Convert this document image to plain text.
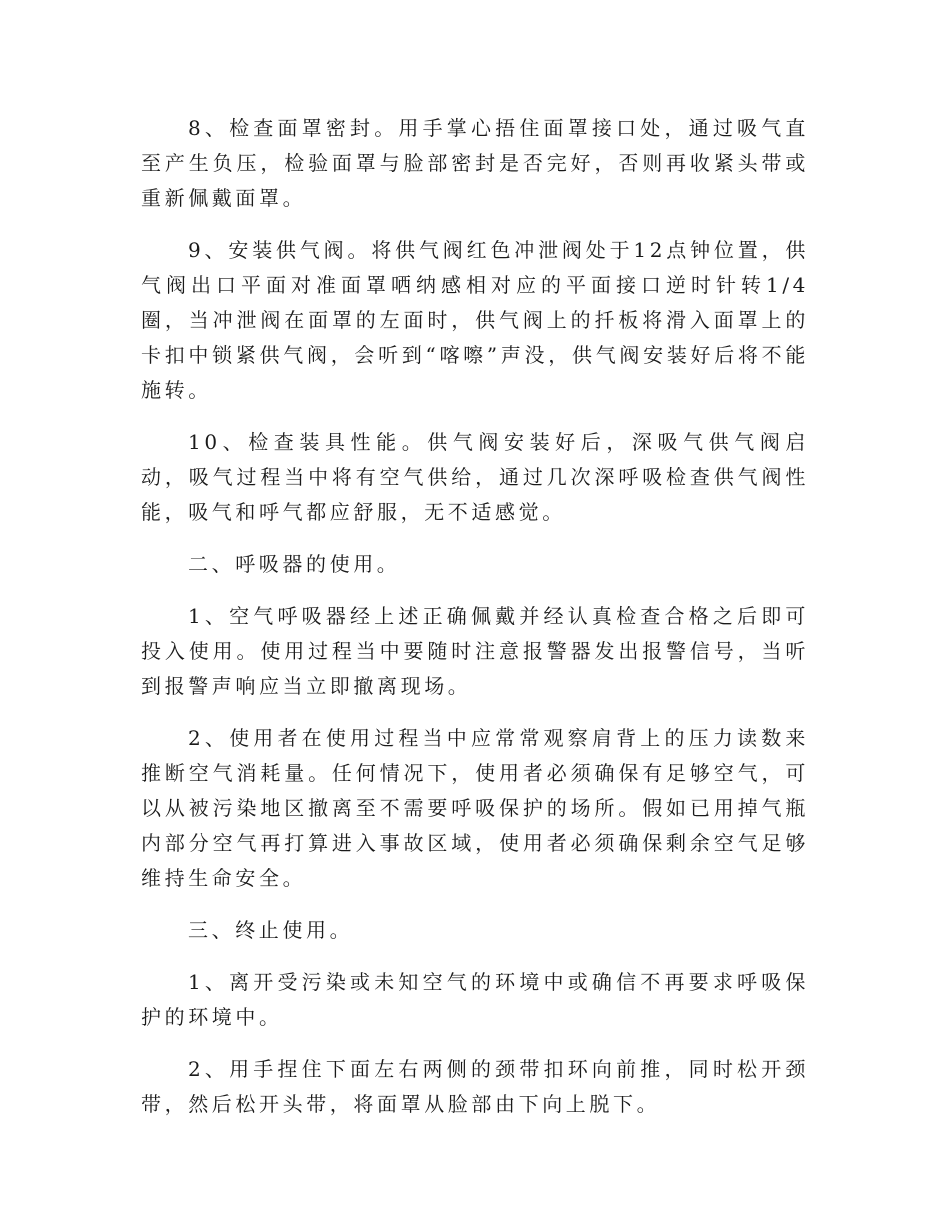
8、检查面罩密封。用手掌心捂住面罩接口处，通过吸气直至产生负压，检验面罩与脸部密封是否完好，否则再收紧头带或重新佩戴面罩。

9、安装供气阀。将供气阀红色冲泄阀处于12点钟位置，供气阀出口平面对准面罩哂纳感相对应的平面接口逆时针转1/4圈，当冲泄阀在面罩的左面时，供气阀上的扦板将滑入面罩上的卡扣中锁紧供气阀，会听到“喀嚓”声没，供气阀安装好后将不能施转。

10、检查装具性能。供气阀安装好后，深吸气供气阀启动，吸气过程当中将有空气供给，通过几次深呼吸检查供气阀性能，吸气和呼气都应舒服，无不适感觉。

二、呼吸器的使用。

1、空气呼吸器经上述正确佩戴并经认真检查合格之后即可投入使用。使用过程当中要随时注意报警器发出报警信号，当听到报警声响应当立即撤离现场。

2、使用者在使用过程当中应常常观察肩背上的压力读数来推断空气消耗量。任何情况下，使用者必须确保有足够空气，可以从被污染地区撤离至不需要呼吸保护的场所。假如已用掉气瓶内部分空气再打算进入事故区域，使用者必须确保剩余空气足够维持生命安全。

三、终止使用。

1、离开受污染或未知空气的环境中或确信不再要求呼吸保护的环境中。

2、用手捏住下面左右两侧的颈带扣环向前推，同时松开颈带，然后松开头带，将面罩从脸部由下向上脱下。
